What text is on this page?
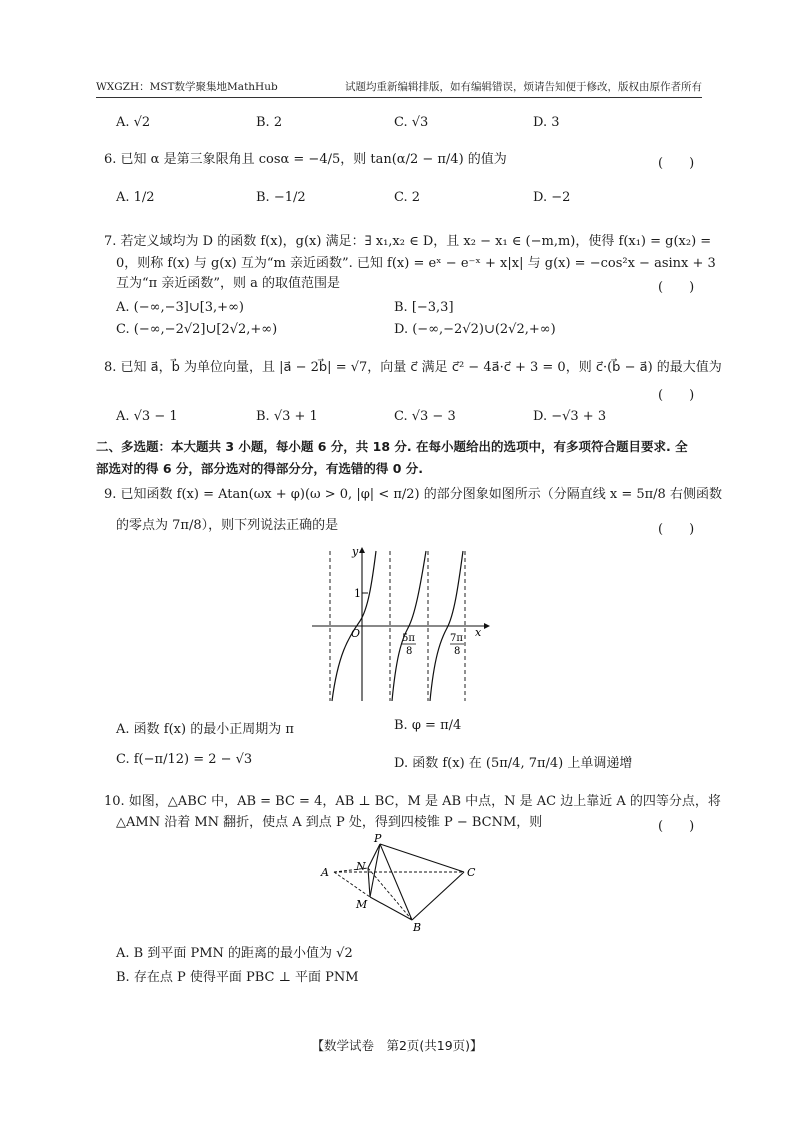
WXGZH：MST数学聚集地MathHub	试题均重新编辑排版，如有编辑错误，烦请告知便于修改，版权由原作者所有
A. √2	B. 2	C. √3	D. 3
6. 已知 α 是第三象限角且 cosα = −4/5，则 tan(α/2 − π/4) 的值为	(　　)
A. 1/2	B. −1/2	C. 2	D. −2
7. 若定义域均为 D 的函数 f(x)，g(x) 满足：∃ x₁,x₂ ∈ D，且 x₂ − x₁ ∈ (−m,m)，使得 f(x₁) = g(x₂) =
0，则称 f(x) 与 g(x) 互为“m 亲近函数”. 已知 f(x) = eˣ − e⁻ˣ + x|x| 与 g(x) = −cos²x − asinx + 3
互为“π 亲近函数”，则 a 的取值范围是	(　　)
A. (−∞,−3]∪[3,+∞)	B. [−3,3]
C. (−∞,−2√2]∪[2√2,+∞)	D. (−∞,−2√2)∪(2√2,+∞)
8. 已知 a⃗，b⃗ 为单位向量，且 |a⃗ − 2b⃗| = √7，向量 c⃗ 满足 c⃗² − 4a⃗·c⃗ + 3 = 0，则 c⃗·(b⃗ − a⃗) 的最大值为
(　　)
A. √3 − 1	B. √3 + 1	C. √3 − 3	D. −√3 + 3
二、多选题：本大题共 3 小题，每小题 6 分，共 18 分. 在每小题给出的选项中，有多项符合题目要求. 全
部选对的得 6 分，部分选对的得部分分，有选错的得 0 分.
9. 已知函数 f(x) = Atan(ωx + φ)(ω > 0, |φ| < π/2) 的部分图象如图所示（分隔直线 x = 5π/8 右侧函数
的零点为 7π/8），则下列说法正确的是	(　　)
y
x
O
1
5π
8
7π
8
A. 函数 f(x) 的最小正周期为 π	B. φ = π/4
C. f(−π/12) = 2 − √3	D. 函数 f(x) 在 (5π/4, 7π/4) 上单调递增
10. 如图，△ABC 中，AB = BC = 4，AB ⊥ BC，M 是 AB 中点，N 是 AC 边上靠近 A 的四等分点，将
△AMN 沿着 MN 翻折，使点 A 到点 P 处，得到四棱锥 P − BCNM，则	(　　)
P
N
A	C
M
B
A. B 到平面 PMN 的距离的最小值为 √2
B. 存在点 P 使得平面 PBC ⊥ 平面 PNM
【数学试卷　第2页(共19页)】
